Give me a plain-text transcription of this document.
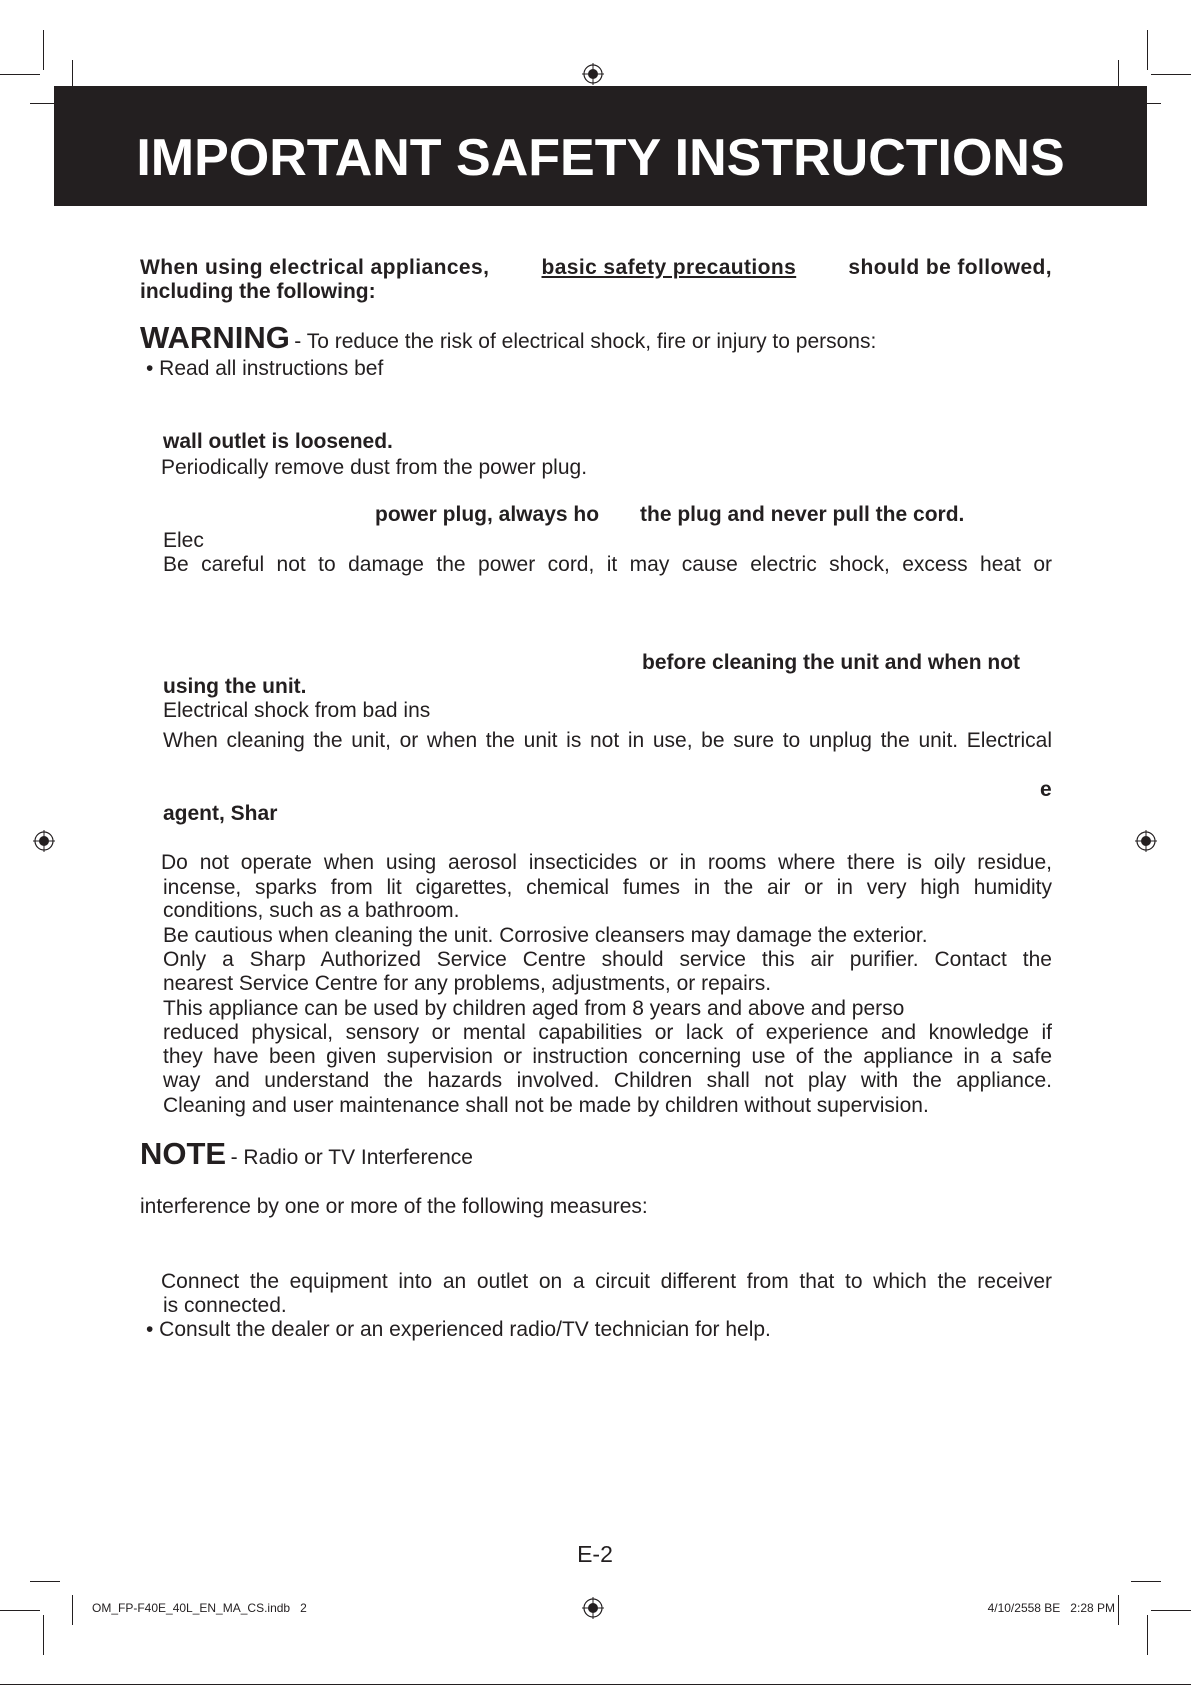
IMPORTANT SAFETY INSTRUCTIONS
When using electrical appliances, basic safety precautions should be followed,
including the following:
WARNING - To reduce the risk of electrical shock, fire or injury to persons:
• Read all instructions bef
wall outlet is loosened.
Periodically remove dust from the power plug.
power plug, always ho the plug and never pull the cord.
Elec
Be careful not to damage the power cord, it may cause electric shock, excess heat or
before cleaning the unit and when not
using the unit.
Electrical shock from bad ins
When cleaning the unit, or when the unit is not in use, be sure to unplug the unit. Electrical
e
agent, Shar
Do not operate when using aerosol insecticides or in rooms where there is oily residue,
incense, sparks from lit cigarettes, chemical fumes in the air or in very high humidity
conditions, such as a bathroom.
Be cautious when cleaning the unit. Corrosive cleansers may damage the exterior.
Only a Sharp Authorized Service Centre should service this air purifier. Contact the
nearest Service Centre for any problems, adjustments, or repairs.
This appliance can be used by children aged from 8 years and above and perso
reduced physical, sensory or mental capabilities or lack of experience and knowledge if
they have been given supervision or instruction concerning use of the appliance in a safe
way and understand the hazards involved. Children shall not play with the appliance.
Cleaning and user maintenance shall not be made by children without supervision.
NOTE - Radio or TV Interference
interference by one or more of the following measures:
Connect the equipment into an outlet on a circuit different from that to which the receiver
is connected.
• Consult the dealer or an experienced radio/TV technician for help.
E-2
OM_FP-F40E_40L_EN_MA_CS.indb   2	4/10/2558 BE   2:28 PM
